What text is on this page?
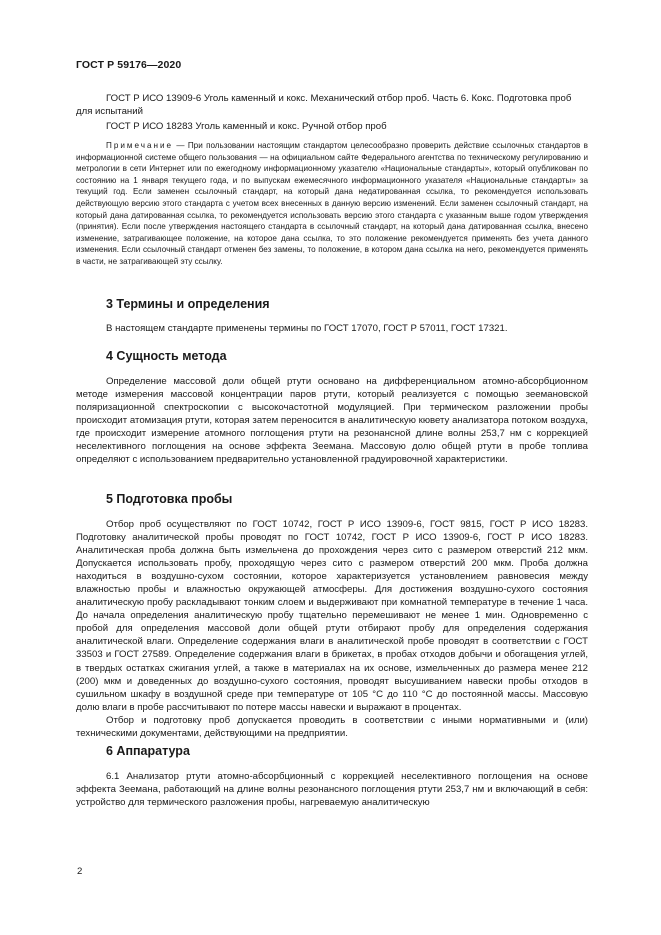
ГОСТ Р 59176—2020
ГОСТ Р ИСО 13909-6 Уголь каменный и кокс. Механический отбор проб. Часть 6. Кокс. Подготовка проб для испытаний
ГОСТ Р ИСО 18283 Уголь каменный и кокс. Ручной отбор проб
Примечание — При пользовании настоящим стандартом целесообразно проверить действие ссылочных стандартов в информационной системе общего пользования — на официальном сайте Федерального агентства по техническому регулированию и метрологии в сети Интернет или по ежегодному информационному указателю «Национальные стандарты», который опубликован по состоянию на 1 января текущего года, и по выпускам ежемесячного информационного указателя «Национальные стандарты» за текущий год. Если заменен ссылочный стандарт, на который дана недатированная ссылка, то рекомендуется использовать действующую версию этого стандарта с учетом всех внесенных в данную версию изменений. Если заменен ссылочный стандарт, на который дана датированная ссылка, то рекомендуется использовать версию этого стандарта с указанным выше годом утверждения (принятия). Если после утверждения настоящего стандарта в ссылочный стандарт, на который дана датированная ссылка, внесено изменение, затрагивающее положение, на которое дана ссылка, то это положение рекомендуется применять без учета данного изменения. Если ссылочный стандарт отменен без замены, то положение, в котором дана ссылка на него, рекомендуется применять в части, не затрагивающей эту ссылку.
3 Термины и определения

В настоящем стандарте применены термины по ГОСТ 17070, ГОСТ Р 57011, ГОСТ 17321.

4 Сущность метода

Определение массовой доли общей ртути основано на дифференциальном атомно-абсорбционном методе измерения массовой концентрации паров ртути, который реализуется с помощью зеемановской поляризационной спектроскопии с высокочастотной модуляцией. При термическом разложении пробы происходит атомизация ртути, которая затем переносится в аналитическую кювету анализатора потоком воздуха, где происходит измерение атомного поглощения ртути на резонансной длине волны 253,7 нм с коррекцией неселективного поглощения на основе эффекта Зеемана. Массовую долю общей ртути в пробе топлива определяют с использованием предварительно установленной градуировочной характеристики.

5 Подготовка пробы

Отбор проб осуществляют по ГОСТ 10742, ГОСТ Р ИСО 13909-6, ГОСТ 9815, ГОСТ Р ИСО 18283. Подготовку аналитической пробы проводят по ГОСТ 10742, ГОСТ Р ИСО 13909-6, ГОСТ Р ИСО 18283. Аналитическая проба должна быть измельчена до прохождения через сито с размером отверстий 212 мкм. Допускается использовать пробу, проходящую через сито с размером отверстий 200 мкм. Проба должна находиться в воздушно-сухом состоянии, которое характеризуется установлением равновесия между влажностью пробы и влажностью окружающей атмосферы. Для достижения воздушно-сухого состояния аналитическую пробу раскладывают тонким слоем и выдерживают при комнатной температуре в течение 1 часа. До начала определения аналитическую пробу тщательно перемешивают не менее 1 мин. Одновременно с пробой для определения массовой доли общей ртути отбирают пробу для определения содержания аналитической влаги. Определение содержания влаги в аналитической пробе проводят в соответствии с ГОСТ 33503 и ГОСТ 27589. Определение содержания влаги в брикетах, в пробах отходов добычи и обогащения углей, в твердых остатках сжигания углей, а также в материалах на их основе, измельченных до размера менее 212 (200) мкм и доведенных до воздушно-сухого состояния, проводят высушиванием навески пробы отходов в сушильном шкафу в воздушной среде при температуре от 105 °С до 110 °С до постоянной массы. Массовую долю влаги в пробе рассчитывают по потере массы навески и выражают в процентах.

Отбор и подготовку проб допускается проводить в соответствии с иными нормативными и (или) техническими документами, действующими на предприятии.

6 Аппаратура

6.1 Анализатор ртути атомно-абсорбционный с коррекцией неселективного поглощения на основе эффекта Зеемана, работающий на длине волны резонансного поглощения ртути 253,7 нм и включающий в себя: устройство для термического разложения пробы, нагреваемую аналитическую

2
